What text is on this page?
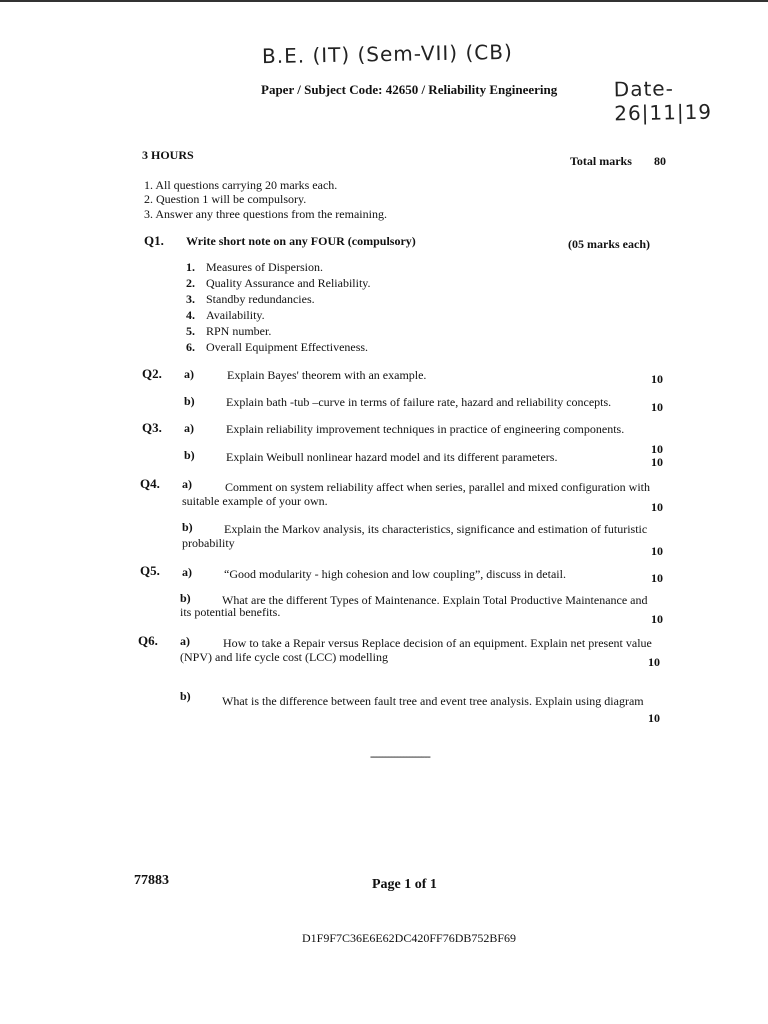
B.E. (IT) (Sem-VII) (CB)
Date-26|11|19
Paper / Subject Code: 42650 / Reliability Engineering
3 HOURS	Total marks 80
1. All questions carrying 20 marks each.
2. Question 1 will be compulsory.
3. Answer any three questions from the remaining.
Q1. Write short note on any FOUR (compulsory)	(05 marks each)
1. Measures of Dispersion.
2. Quality Assurance and Reliability.
3. Standby redundancies.
4. Availability.
5. RPN number.
6. Overall Equipment Effectiveness.
Q2. a)	Explain Bayes' theorem with an example.	10
b)	Explain bath -tub –curve in terms of failure rate, hazard and reliability concepts.	10
Q3. a)	Explain reliability improvement techniques in practice of engineering components.
10
b)	Explain Weibull nonlinear hazard model and its different parameters.	10
Q4. a)	Comment on system reliability affect when series, parallel and mixed configuration with
suitable example of your own.	10
b)	Explain the Markov analysis, its characteristics, significance and estimation of futuristic
probability
10
Q5. a)	“Good modularity - high cohesion and low coupling”, discuss in detail.	10
b)	What are the different Types of Maintenance. Explain Total Productive Maintenance and
its potential benefits.	10
Q6. a)	How to take a Repair versus Replace decision of an equipment. Explain net present value
(NPV) and life cycle cost (LCC) modelling	10
b)	What is the difference between fault tree and event tree analysis. Explain using diagram
10
--------------------
77883	Page 1 of 1
D1F9F7C36E6E62DC420FF76DB752BF69
